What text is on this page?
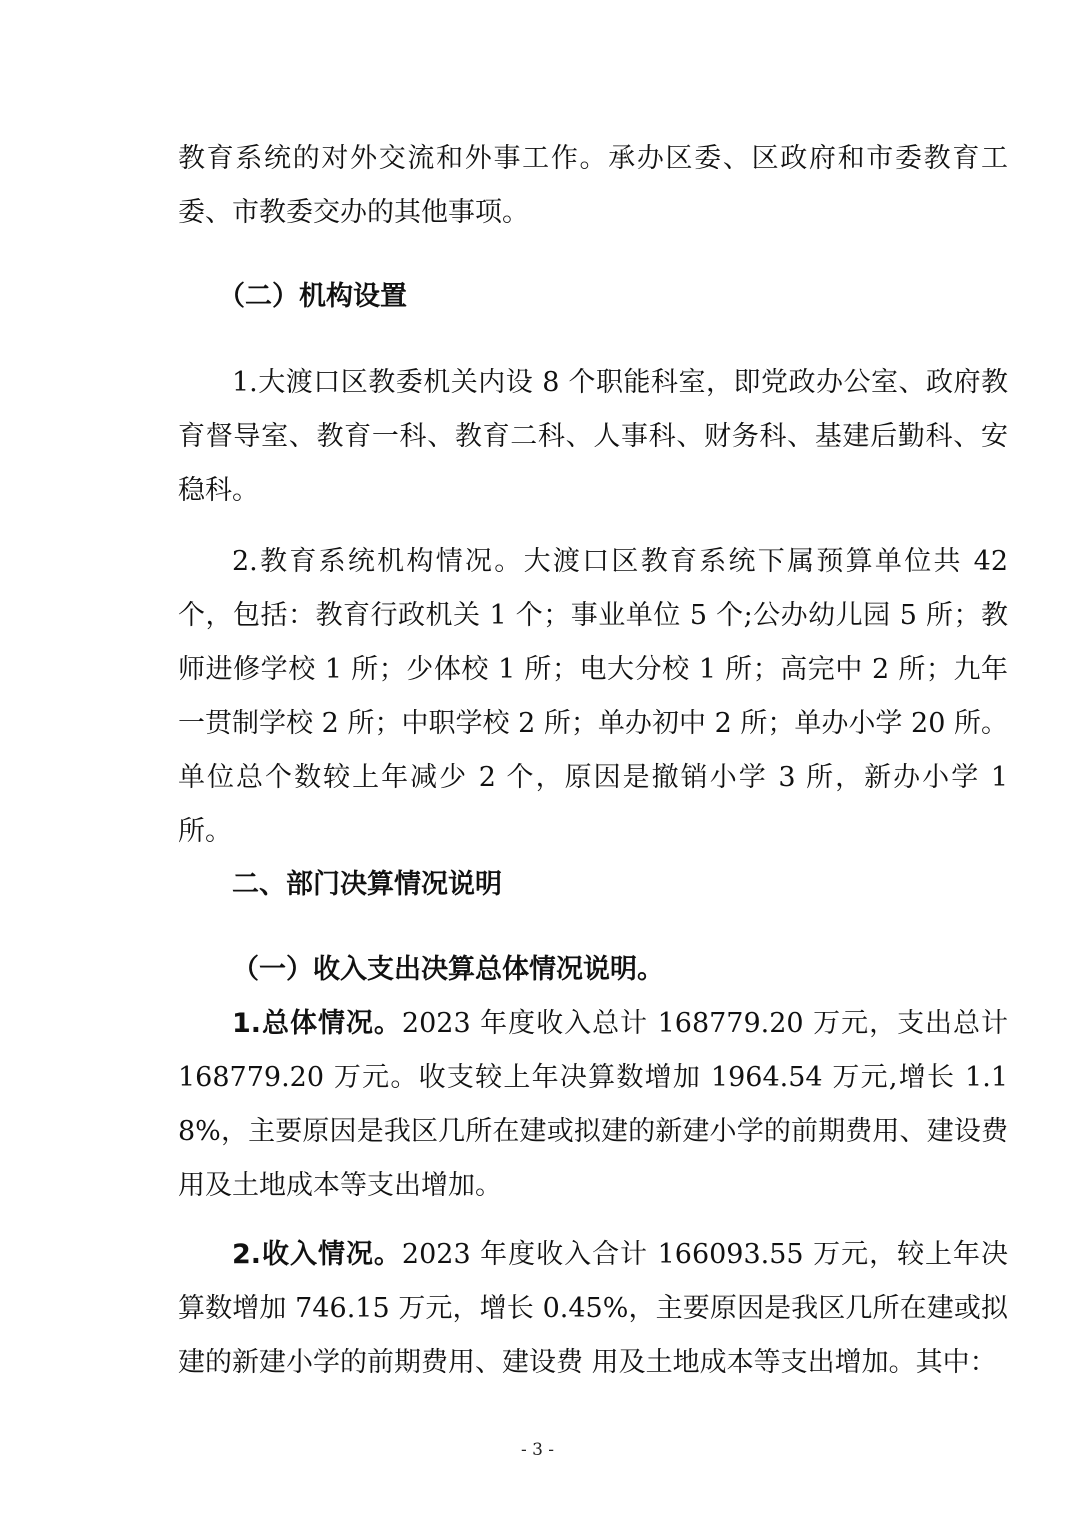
教育系统的对外交流和外事工作。承办区委、区政府和市委教育工委、市教委交办的其他事项。

（二）机构设置

1.大渡口区教委机关内设 8 个职能科室，即党政办公室、政府教育督导室、教育一科、教育二科、人事科、财务科、基建后勤科、安稳科。

2.教育系统机构情况。大渡口区教育系统下属预算单位共 42 个，包括：教育行政机关 1 个；事业单位 5 个;公办幼儿园 5 所；教师进修学校 1 所；少体校 1 所；电大分校 1 所；高完中 2 所；九年一贯制学校 2 所；中职学校 2 所；单办初中 2 所；单办小学 20 所。单位总个数较上年减少 2 个，原因是撤销小学 3 所，新办小学 1 所。

二、部门决算情况说明

（一）收入支出决算总体情况说明。

1.总体情况。2023 年度收入总计 168779.20 万元，支出总计 168779.20 万元。收支较上年决算数增加 1964.54 万元,增长 1.18%，主要原因是我区几所在建或拟建的新建小学的前期费用、建设费用及土地成本等支出增加。

2.收入情况。2023 年度收入合计 166093.55 万元，较上年决算数增加 746.15 万元，增长 0.45%，主要原因是我区几所在建或拟建的新建小学的前期费用、建设费 用及土地成本等支出增加。其中：

- 3 -
